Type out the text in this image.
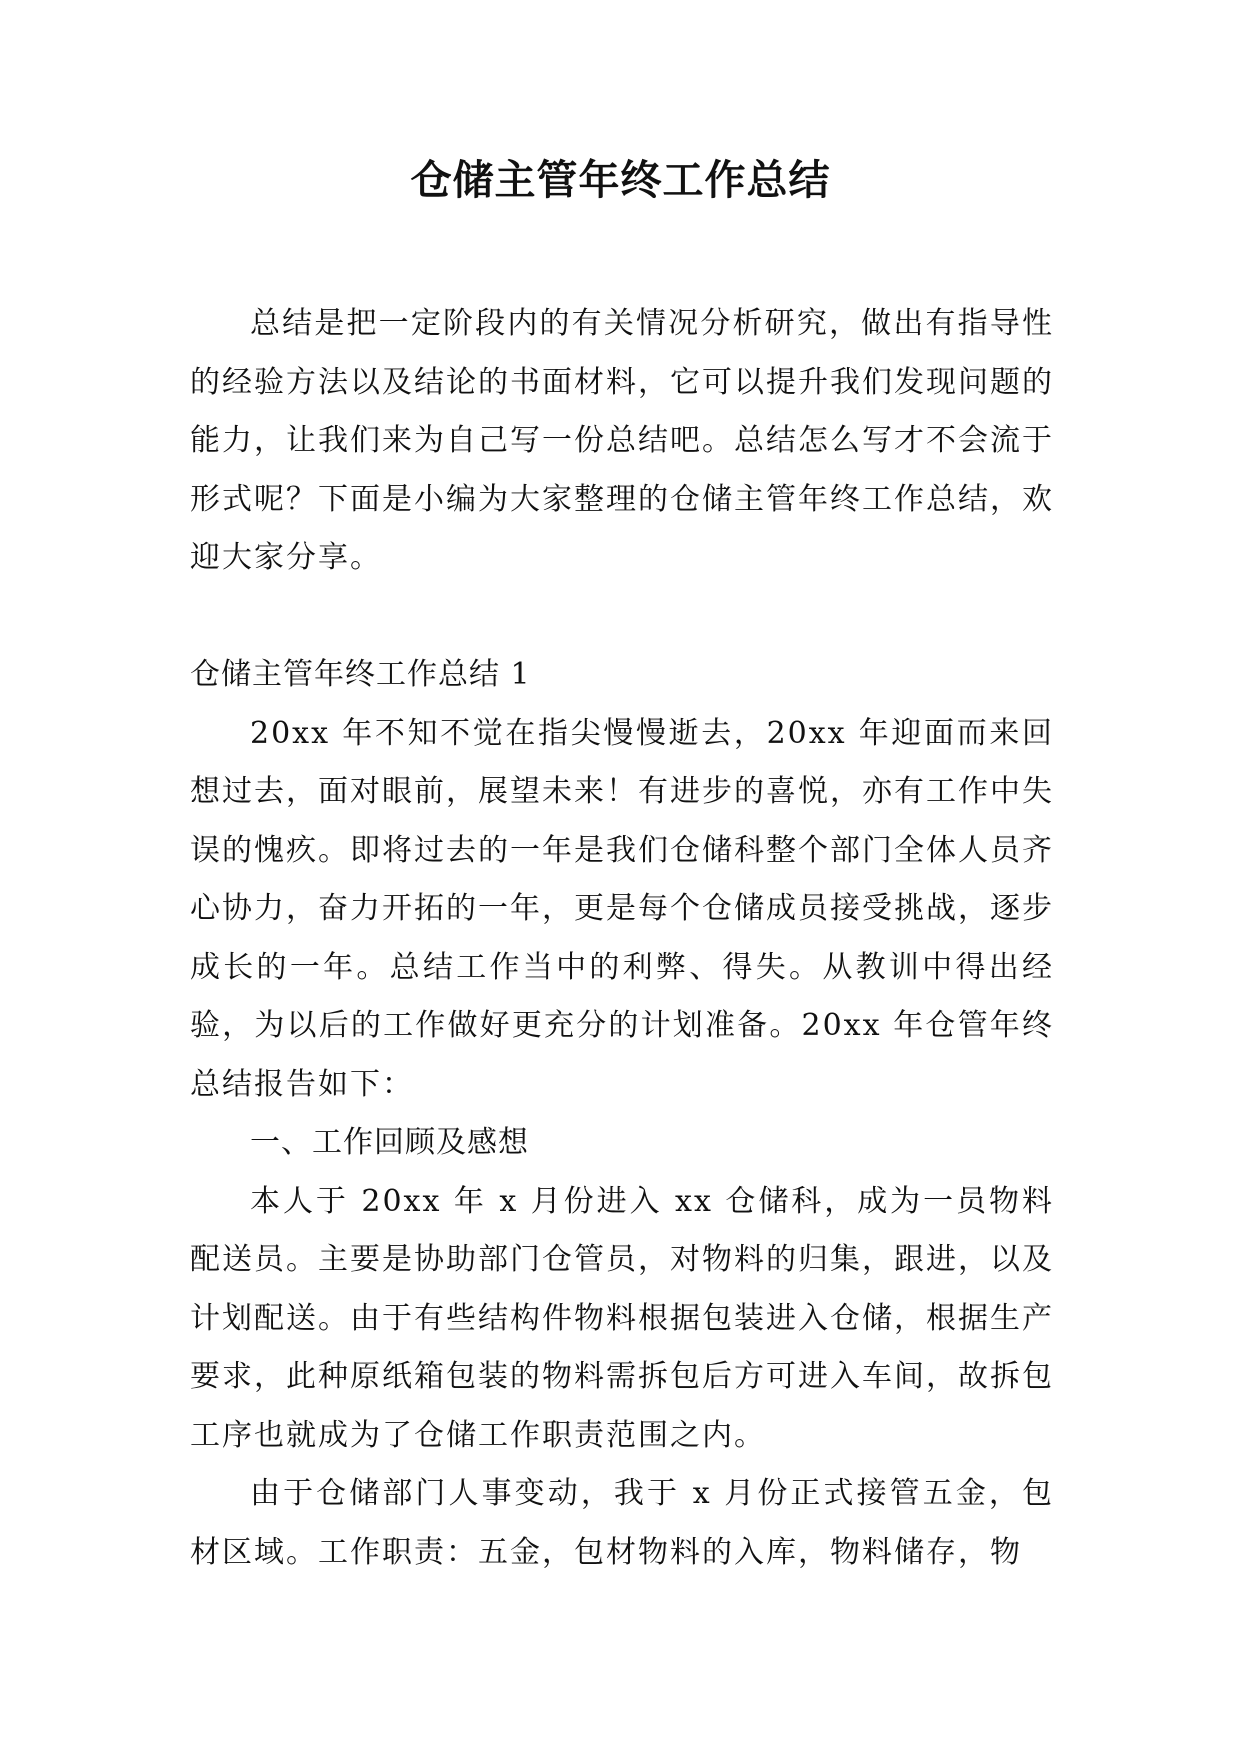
仓储主管年终工作总结

总结是把一定阶段内的有关情况分析研究，做出有指导性的经验方法以及结论的书面材料，它可以提升我们发现问题的能力，让我们来为自己写一份总结吧。总结怎么写才不会流于形式呢？下面是小编为大家整理的仓储主管年终工作总结，欢迎大家分享。

仓储主管年终工作总结 1

20xx 年不知不觉在指尖慢慢逝去，20xx 年迎面而来回想过去，面对眼前，展望未来！有进步的喜悦，亦有工作中失误的愧疚。即将过去的一年是我们仓储科整个部门全体人员齐心协力，奋力开拓的一年，更是每个仓储成员接受挑战，逐步成长的一年。总结工作当中的利弊、得失。从教训中得出经验，为以后的工作做好更充分的计划准备。20xx 年仓管年终总结报告如下：

一、工作回顾及感想

本人于 20xx 年 x 月份进入 xx 仓储科，成为一员物料配送员。主要是协助部门仓管员，对物料的归集，跟进，以及计划配送。由于有些结构件物料根据包装进入仓储，根据生产要求，此种原纸箱包装的物料需拆包后方可进入车间，故拆包工序也就成为了仓储工作职责范围之内。

由于仓储部门人事变动，我于 x 月份正式接管五金，包材区域。工作职责：五金，包材物料的入库，物料储存，物
